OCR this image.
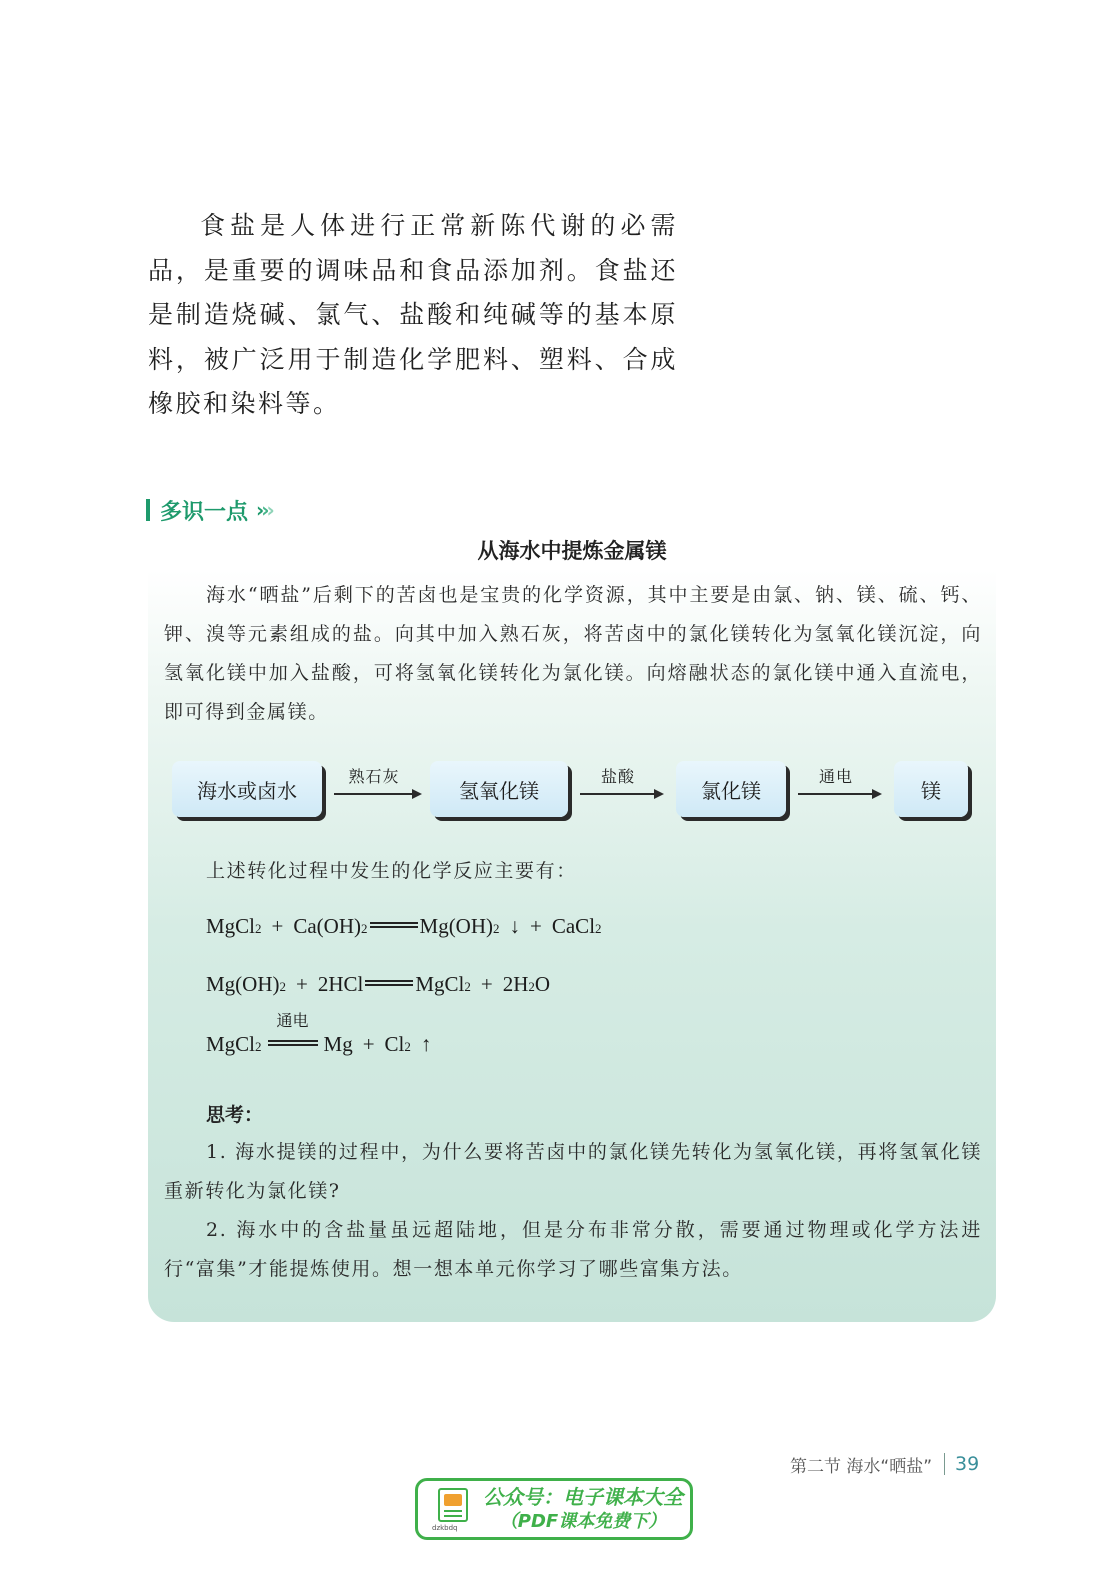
食盐是人体进行正常新陈代谢的必需品，是重要的调味品和食品添加剂。食盐还是制造烧碱、氯气、盐酸和纯碱等的基本原料，被广泛用于制造化学肥料、塑料、合成橡胶和染料等。

多识一点 ›››
从海水中提炼金属镁

海水“晒盐”后剩下的苦卤也是宝贵的化学资源，其中主要是由氯、钠、镁、硫、钙、钾、溴等元素组成的盐。向其中加入熟石灰，将苦卤中的氯化镁转化为氢氧化镁沉淀，向氢氧化镁中加入盐酸，可将氢氧化镁转化为氯化镁。向熔融状态的氯化镁中通入直流电，即可得到金属镁。

海水或卤水
熟石灰
氢氧化镁
盐酸
氯化镁
通电
镁

上述转化过程中发生的化学反应主要有：

MgCl 2 + Ca(OH) 2 Mg(OH) 2 ↓ + CaCl 2
Mg(OH) 2 + 2HCl MgCl 2 + 2H 2 O
MgCl 2
通电
Mg + Cl 2 ↑
思考：

1. 海水提镁的过程中，为什么要将苦卤中的氯化镁先转化为氢氧化镁，再将氢氧化镁重新转化为氯化镁?

2. 海水中的含盐量虽远超陆地，但是分布非常分散，需要通过物理或化学方法进行“富集”才能提炼使用。想一想本单元你学习了哪些富集方法。

第二节 海水“晒盐” 39
dzkbdq
公众号：电子课本大全
（PDF课本免费下）
